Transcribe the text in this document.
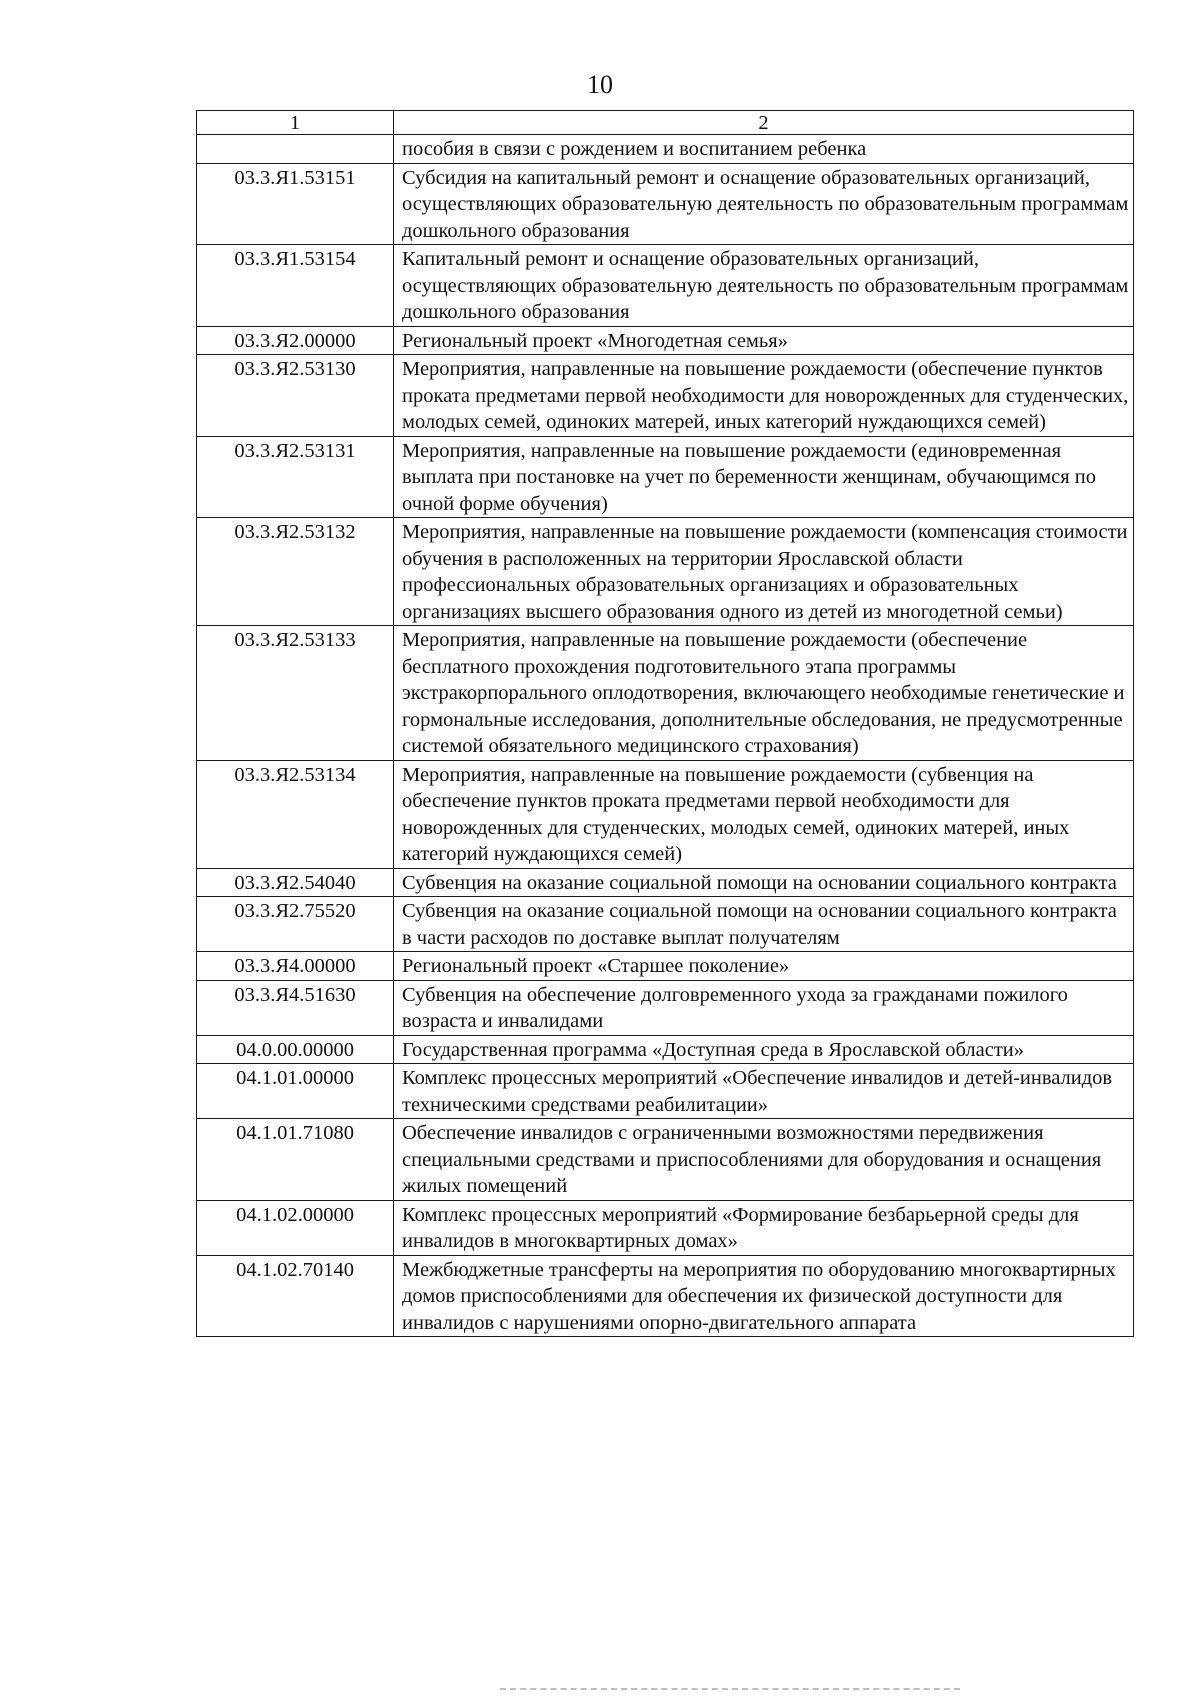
10
1	2
	пособия в связи с рождением и воспитанием ребенка
03.3.Я1.53151	Субсидия на капитальный ремонт и оснащение образовательных организаций, осуществляющих образовательную деятельность по образовательным программам дошкольного образования
03.3.Я1.53154	Капитальный ремонт и оснащение образовательных организаций, осуществляющих образовательную деятельность по образовательным программам дошкольного образования
03.3.Я2.00000	Региональный проект «Многодетная семья»
03.3.Я2.53130	Мероприятия, направленные на повышение рождаемости (обеспечение пунктов проката предметами первой необходимости для новорожденных для студенческих, молодых семей, одиноких матерей, иных категорий нуждающихся семей)
03.3.Я2.53131	Мероприятия, направленные на повышение рождаемости (единовременная выплата при постановке на учет по беременности женщинам, обучающимся по очной форме обучения)
03.3.Я2.53132	Мероприятия, направленные на повышение рождаемости (компенсация стоимости обучения в расположенных на территории Ярославской области профессиональных образовательных организациях и образовательных организациях высшего образования одного из детей из многодетной семьи)
03.3.Я2.53133	Мероприятия, направленные на повышение рождаемости (обеспечение бесплатного прохождения подготовительного этапа программы экстракорпорального оплодотворения, включающего необходимые генетические и гормональные исследования, дополнительные обследования, не предусмотренные системой обязательного медицинского страхования)
03.3.Я2.53134	Мероприятия, направленные на повышение рождаемости (субвенция на обеспечение пунктов проката предметами первой необходимости для новорожденных для студенческих, молодых семей, одиноких матерей, иных категорий нуждающихся семей)
03.3.Я2.54040	Субвенция на оказание социальной помощи на основании социального контракта
03.3.Я2.75520	Субвенция на оказание социальной помощи на основании социального контракта в части расходов по доставке выплат получателям
03.3.Я4.00000	Региональный проект «Старшее поколение»
03.3.Я4.51630	Субвенция на обеспечение долговременного ухода за гражданами пожилого возраста и инвалидами
04.0.00.00000	Государственная программа «Доступная среда в Ярославской области»
04.1.01.00000	Комплекс процессных мероприятий «Обеспечение инвалидов и детей-инвалидов техническими средствами реабилитации»
04.1.01.71080	Обеспечение инвалидов с ограниченными возможностями передвижения специальными средствами и приспособлениями для оборудования и оснащения жилых помещений
04.1.02.00000	Комплекс процессных мероприятий «Формирование безбарьерной среды для инвалидов в многоквартирных домах»
04.1.02.70140	Межбюджетные трансферты на мероприятия по оборудованию многоквартирных домов приспособлениями для обеспечения их физической доступности для инвалидов с нарушениями опорно-двигательного аппарата
